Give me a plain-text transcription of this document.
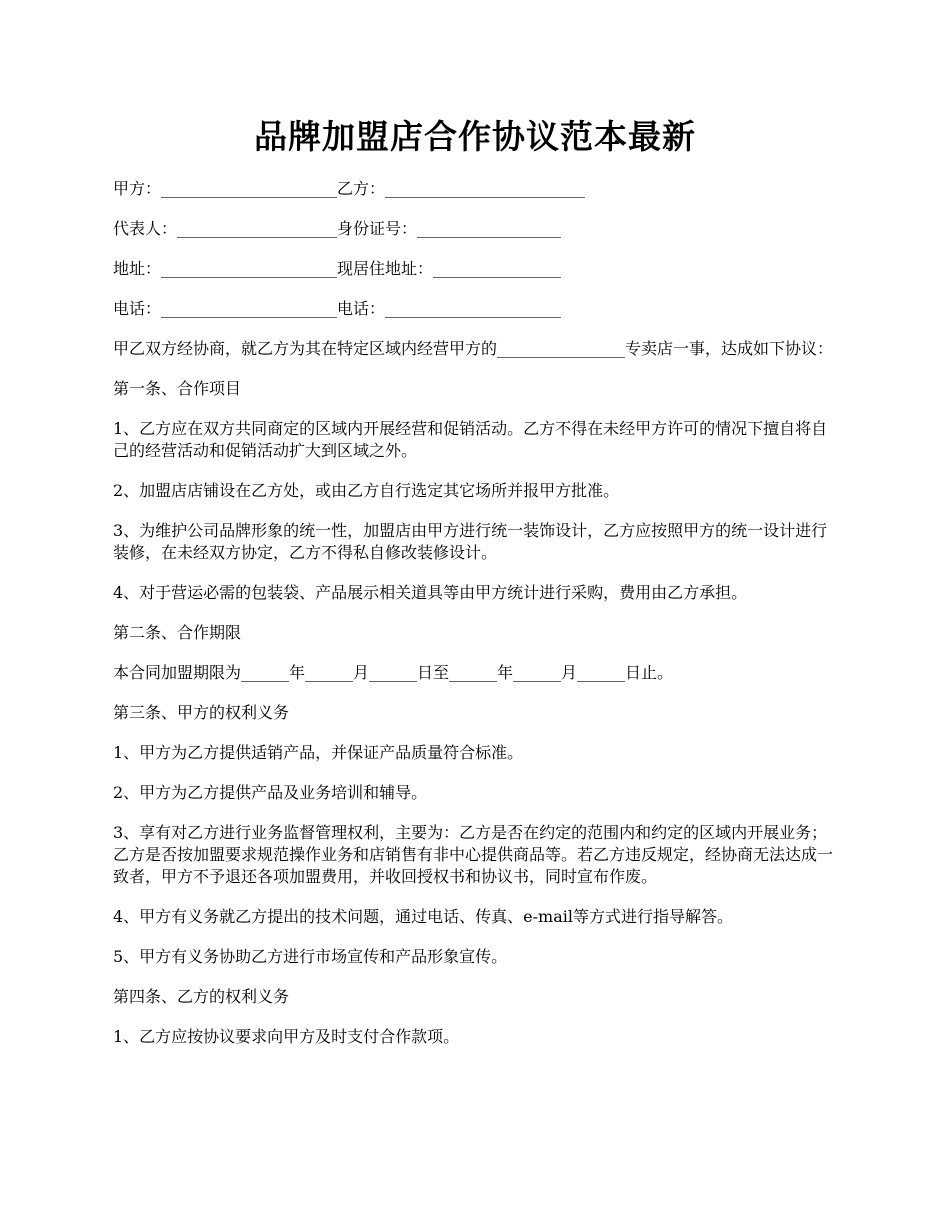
品牌加盟店合作协议范本最新

甲方：______________________乙方：_________________________

代表人：____________________身份证号：__________________

地址：______________________现居住地址：________________

电话：______________________电话：______________________

甲乙双方经协商，就乙方为其在特定区域内经营甲方的________________专卖店一事，达成如下协议：

第一条、合作项目

1、乙方应在双方共同商定的区域内开展经营和促销活动。乙方不得在未经甲方许可的情况下擅自将自己的经营活动和促销活动扩大到区域之外。

2、加盟店店铺设在乙方处，或由乙方自行选定其它场所并报甲方批准。

3、为维护公司品牌形象的统一性，加盟店由甲方进行统一装饰设计，乙方应按照甲方的统一设计进行装修，在未经双方协定，乙方不得私自修改装修设计。

4、对于营运必需的包装袋、产品展示相关道具等由甲方统计进行采购，费用由乙方承担。

第二条、合作期限

本合同加盟期限为______年______月______日至______年______月______日止。

第三条、甲方的权利义务

1、甲方为乙方提供适销产品，并保证产品质量符合标准。

2、甲方为乙方提供产品及业务培训和辅导。

3、享有对乙方进行业务监督管理权利，主要为：乙方是否在约定的范围内和约定的区域内开展业务；乙方是否按加盟要求规范操作业务和店销售有非中心提供商品等。若乙方违反规定，经协商无法达成一致者，甲方不予退还各项加盟费用，并收回授权书和协议书，同时宣布作废。

4、甲方有义务就乙方提出的技术问题，通过电话、传真、e-mail等方式进行指导解答。

5、甲方有义务协助乙方进行市场宣传和产品形象宣传。

第四条、乙方的权利义务

1、乙方应按协议要求向甲方及时支付合作款项。
